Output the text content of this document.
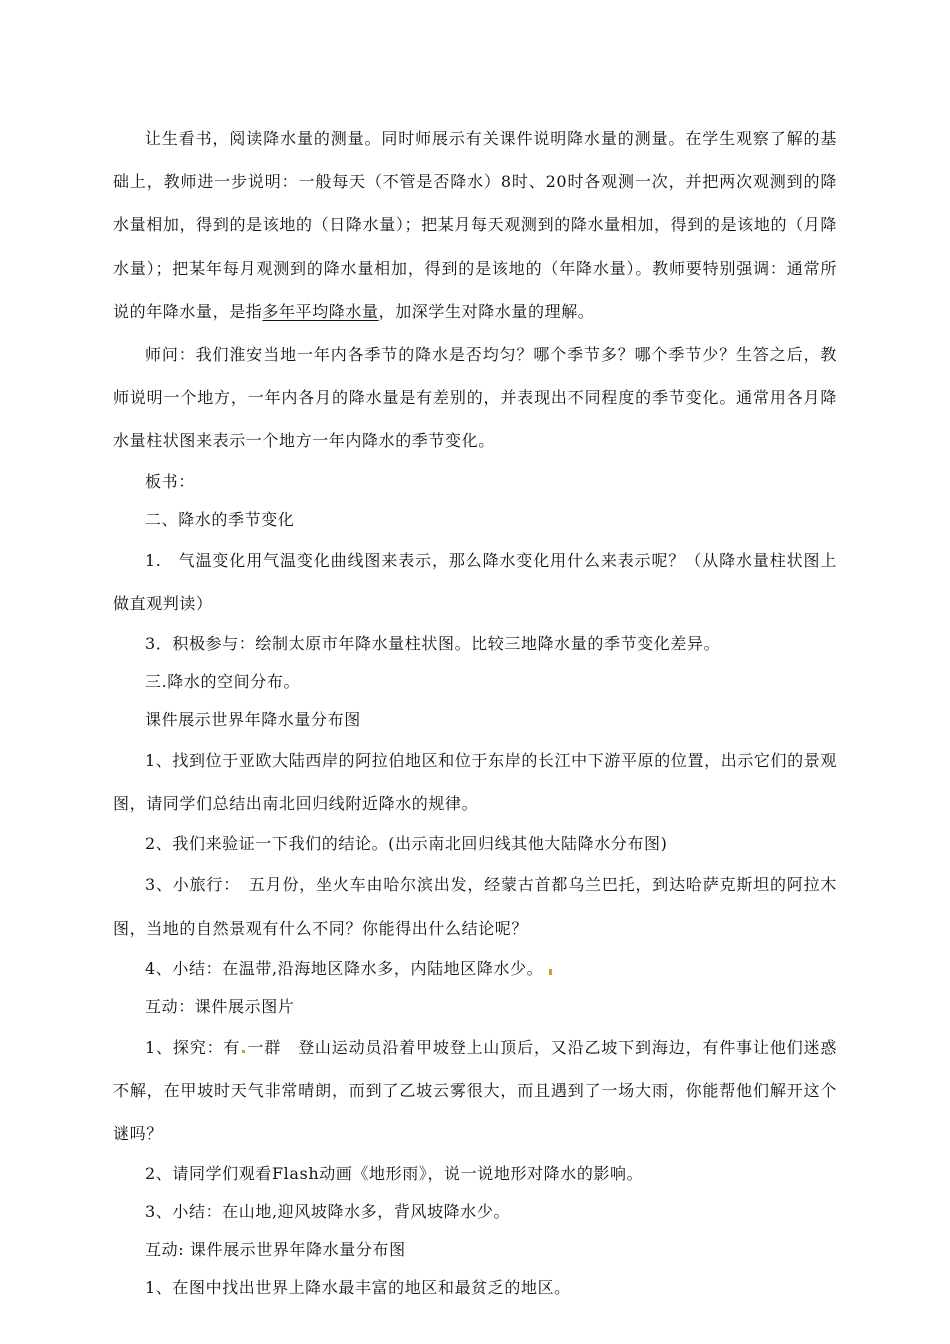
让生看书，阅读降水量的测量。同时师展示有关课件说明降水量的测量。在学生观察了解的基础上，教师进一步说明：一般每天（不管是否降水）8时、20时各观测一次，并把两次观测到的降水量相加，得到的是该地的（日降水量）；把某月每天观测到的降水量相加，得到的是该地的（月降水量）；把某年每月观测到的降水量相加，得到的是该地的（年降水量）。教师要特别强调：通常所说的年降水量，是指多年平均降水量，加深学生对降水量的理解。

师问：我们淮安当地一年内各季节的降水是否均匀？哪个季节多？哪个季节少？生答之后，教师说明一个地方，一年内各月的降水量是有差别的，并表现出不同程度的季节变化。通常用各月降水量柱状图来表示一个地方一年内降水的季节变化。

板书：

二、降水的季节变化

1.　气温变化用气温变化曲线图来表示，那么降水变化用什么来表示呢？（从降水量柱状图上做直观判读）

3．积极参与：绘制太原市年降水量柱状图。比较三地降水量的季节变化差异。

三.降水的空间分布。

课件展示世界年降水量分布图

1、找到位于亚欧大陆西岸的阿拉伯地区和位于东岸的长江中下游平原的位置，出示它们的景观图，请同学们总结出南北回归线附近降水的规律。

2、我们来验证一下我们的结论。(出示南北回归线其他大陆降水分布图)

3、小旅行：　五月份，坐火车由哈尔滨出发，经蒙古首都乌兰巴托，到达哈萨克斯坦的阿拉木图，当地的自然景观有什么不同？你能得出什么结论呢？

4、小结：在温带,沿海地区降水多，内陆地区降水少。

互动：课件展示图片

1、探究：有 一群　登山运动员沿着甲坡登上山顶后，又沿乙坡下到海边，有件事让他们迷惑不解，在甲坡时天气非常晴朗，而到了乙坡云雾很大，而且遇到了一场大雨，你能帮他们解开这个谜吗？

2、请同学们观看Flash动画《地形雨》，说一说地形对降水的影响。

3、小结：在山地,迎风坡降水多，背风坡降水少。

互动: 课件展示世界年降水量分布图

1、在图中找出世界上降水最丰富的地区和最贫乏的地区。
